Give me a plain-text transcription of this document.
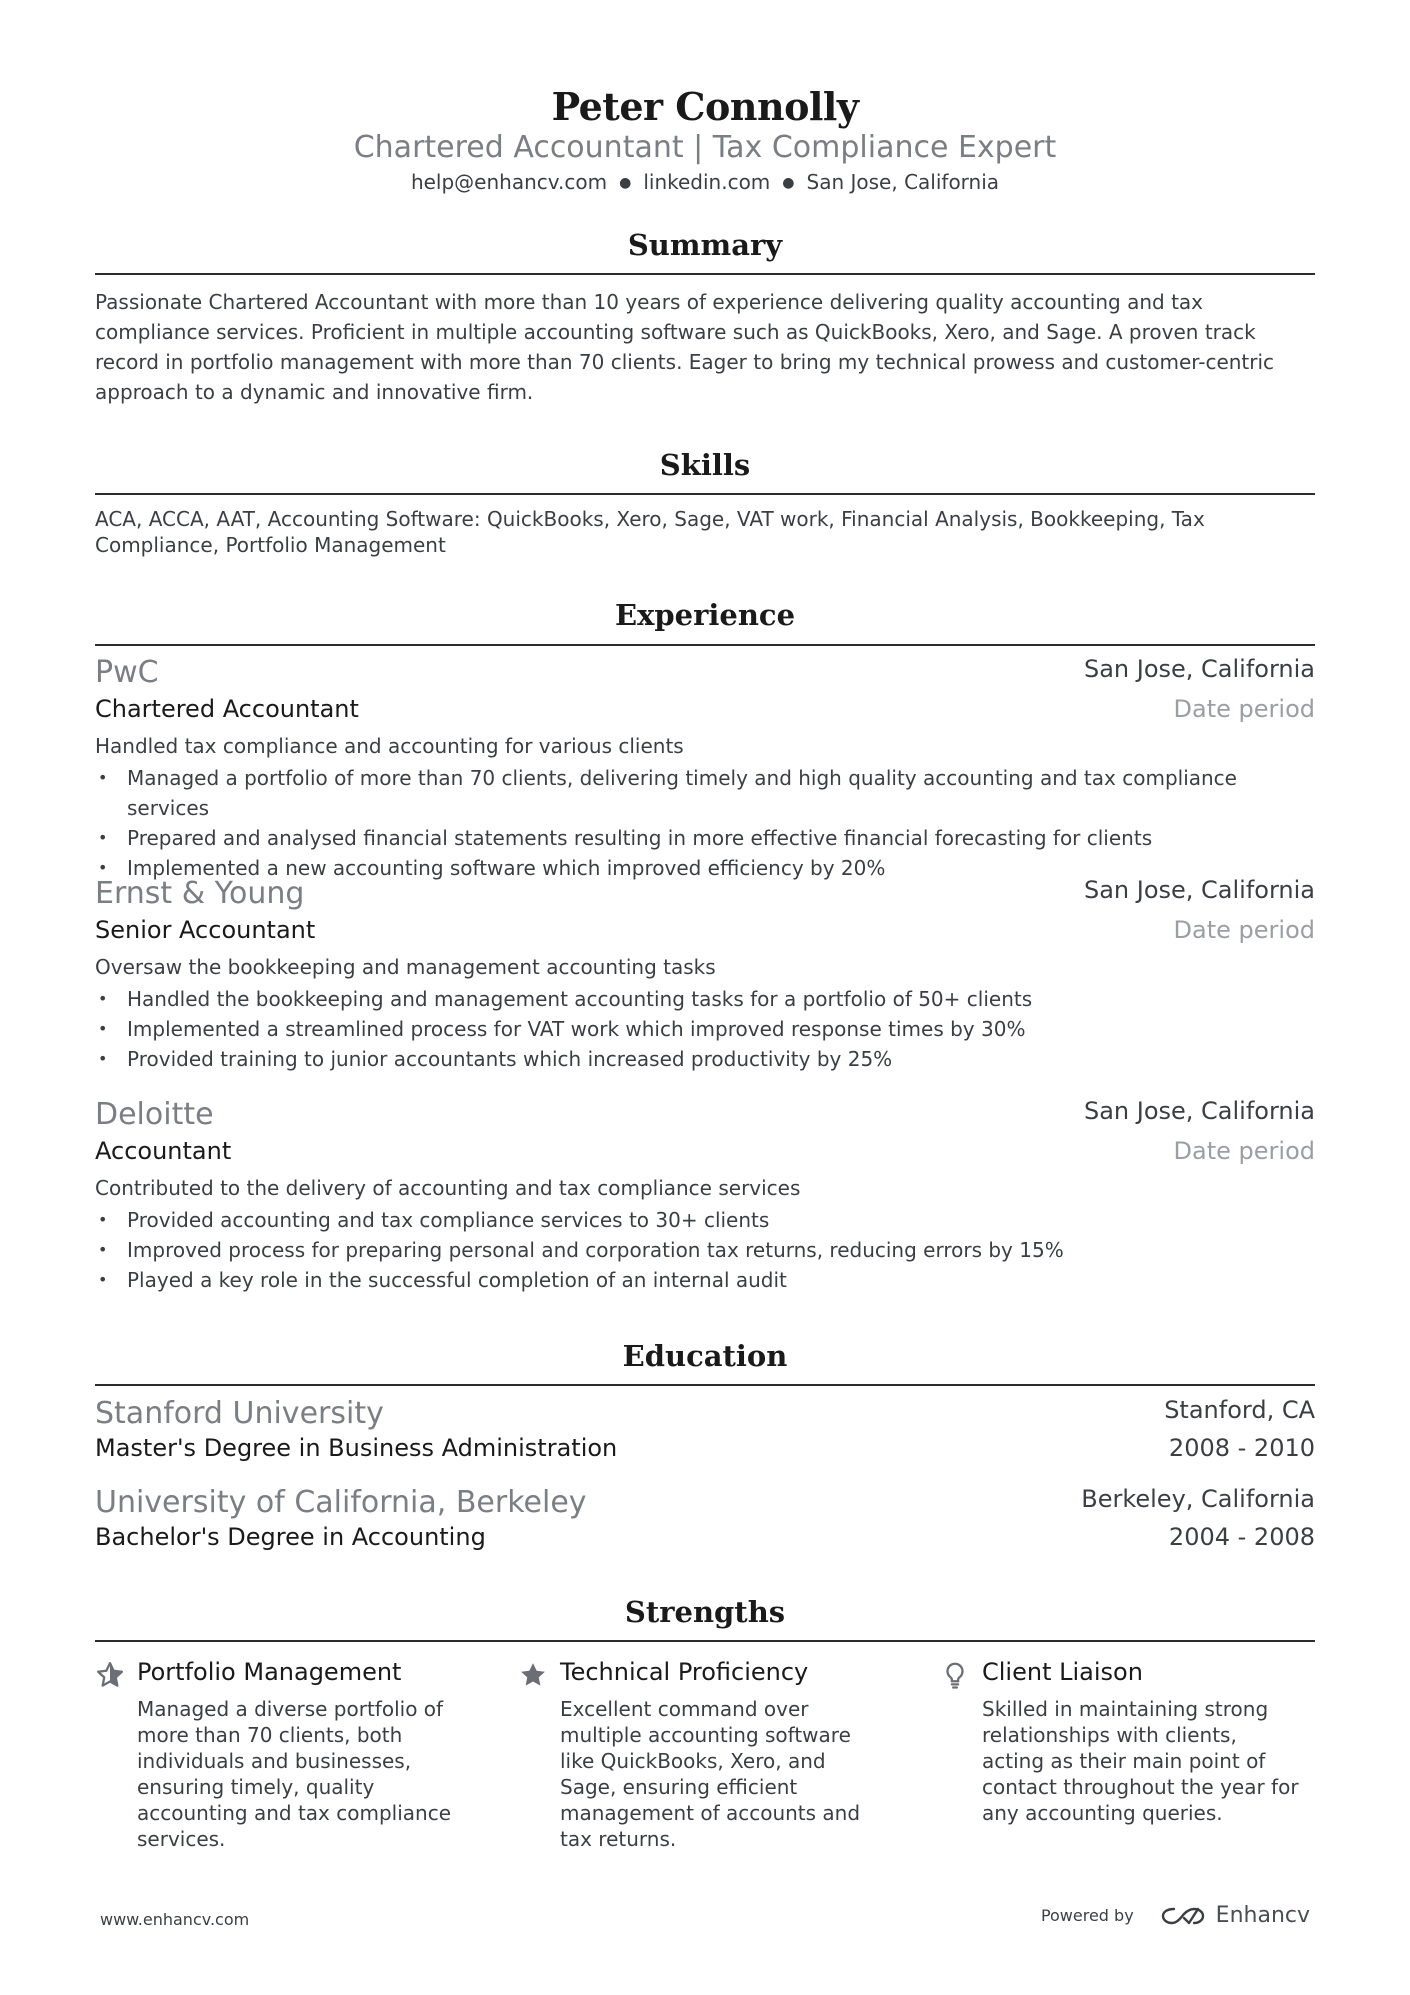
Peter Connolly
Chartered Accountant | Tax Compliance Expert
help@enhancv.com ● linkedin.com ● San Jose, California
Summary
Passionate Chartered Accountant with more than 10 years of experience delivering quality accounting and tax compliance services. Proficient in multiple accounting software such as QuickBooks, Xero, and Sage. A proven track record in portfolio management with more than 70 clients. Eager to bring my technical prowess and customer-centric approach to a dynamic and innovative firm.
Skills
ACA, ACCA, AAT, Accounting Software: QuickBooks, Xero, Sage, VAT work, Financial Analysis, Bookkeeping, Tax Compliance, Portfolio Management
Experience
PwC	San Jose, California
Chartered Accountant	Date period
Handled tax compliance and accounting for various clients
• Managed a portfolio of more than 70 clients, delivering timely and high quality accounting and tax compliance services
• Prepared and analysed financial statements resulting in more effective financial forecasting for clients
• Implemented a new accounting software which improved efficiency by 20%
Ernst & Young	San Jose, California
Senior Accountant	Date period
Oversaw the bookkeeping and management accounting tasks
• Handled the bookkeeping and management accounting tasks for a portfolio of 50+ clients
• Implemented a streamlined process for VAT work which improved response times by 30%
• Provided training to junior accountants which increased productivity by 25%
Deloitte	San Jose, California
Accountant	Date period
Contributed to the delivery of accounting and tax compliance services
• Provided accounting and tax compliance services to 30+ clients
• Improved process for preparing personal and corporation tax returns, reducing errors by 15%
• Played a key role in the successful completion of an internal audit
Education
Stanford University	Stanford, CA
Master's Degree in Business Administration	2008 - 2010
University of California, Berkeley	Berkeley, California
Bachelor's Degree in Accounting	2004 - 2008
Strengths
Portfolio Management
Managed a diverse portfolio of more than 70 clients, both individuals and businesses, ensuring timely, quality accounting and tax compliance services.
Technical Proficiency
Excellent command over multiple accounting software like QuickBooks, Xero, and Sage, ensuring efficient management of accounts and tax returns.
Client Liaison
Skilled in maintaining strong relationships with clients, acting as their main point of contact throughout the year for any accounting queries.
www.enhancv.com	Powered by	Enhancv
